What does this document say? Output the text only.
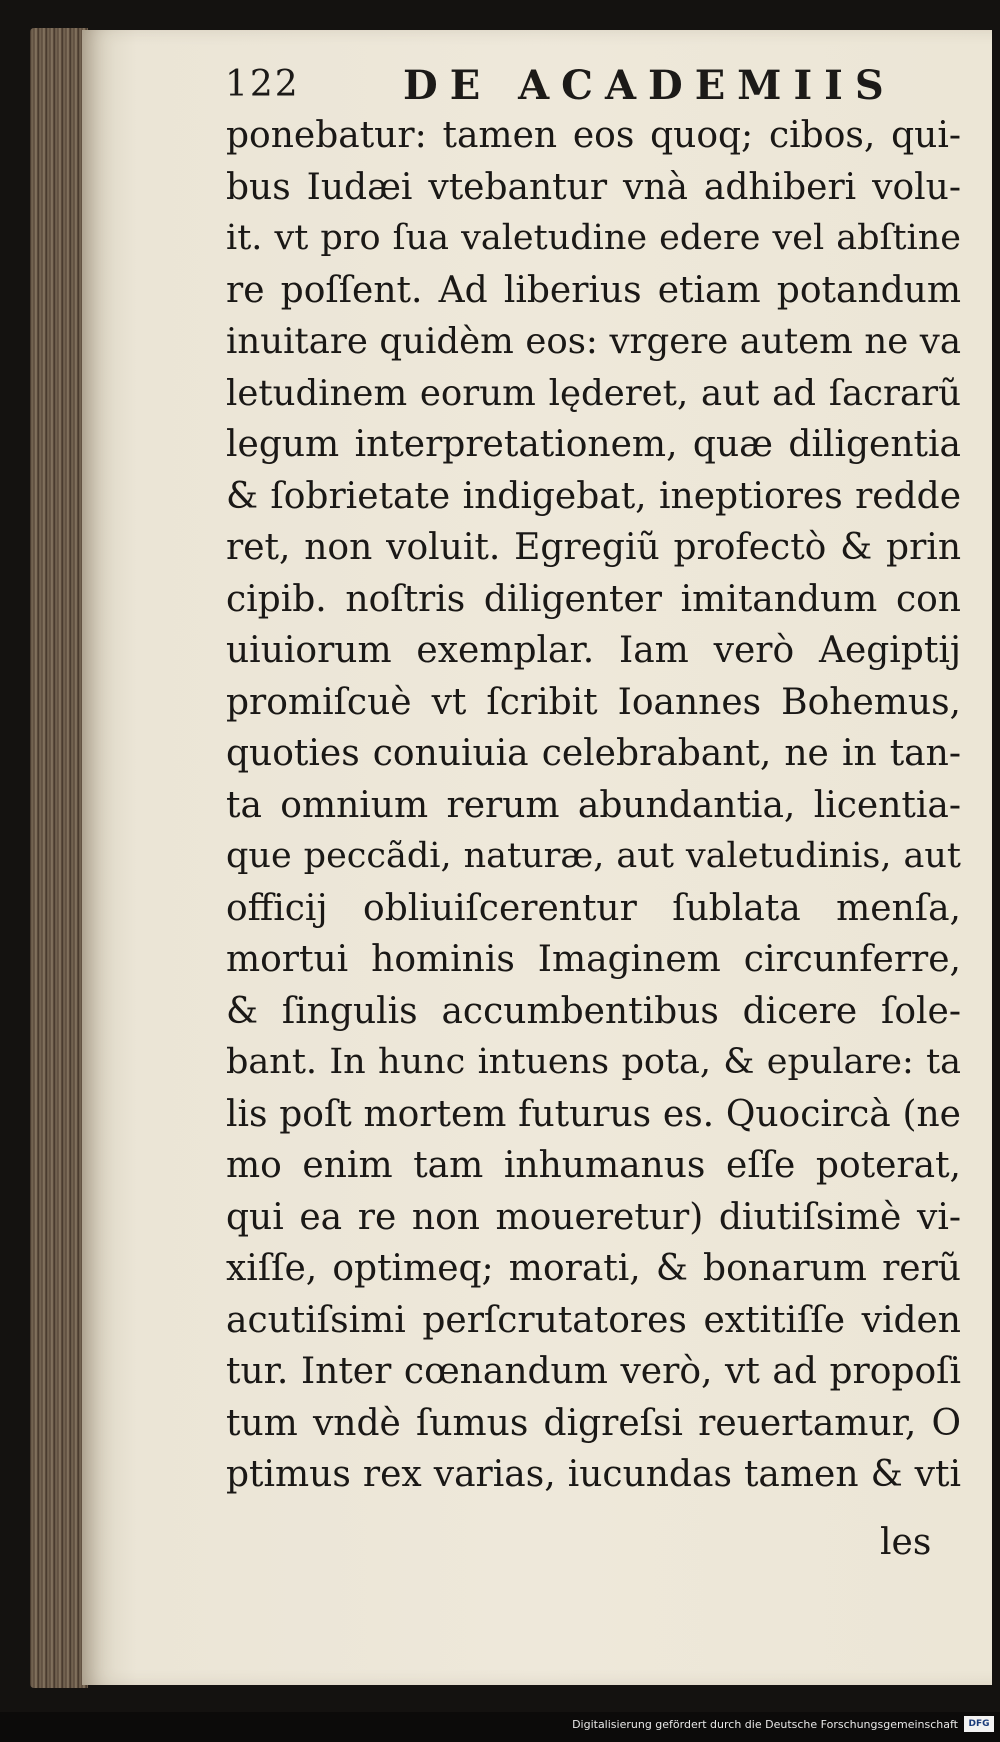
122	DE ACADEMIIS
ponebatur: tamen eos quoq; cibos, qui-
bus Iudæi vtebantur vnà adhiberi volu-
it. vt pro ſua valetudine edere vel abſtine
re poſſent. Ad liberius etiam potandum
inuitare quidèm eos: vrgere autem ne va
letudinem eorum lęderet, aut ad ſacrarũ
legum interpretationem, quæ diligentia
& ſobrietate indigebat, ineptiores redde
ret, non voluit. Egregiũ profectò & prin
cipib. noſtris diligenter imitandum con
uiuiorum exemplar. Iam verò Aegiptij
promiſcuè vt ſcribit Ioannes Bohemus,
quoties conuiuia celebrabant, ne in tan-
ta omnium rerum abundantia, licentia-
que peccãdi, naturæ, aut valetudinis, aut
officij obliuiſcerentur ſublata menſa,
mortui hominis Imaginem circunferre,
& ſingulis accumbentibus dicere ſole-
bant. In hunc intuens pota, & epulare: ta
lis poſt mortem futurus es. Quocircà (ne
mo enim tam inhumanus eſſe poterat,
qui ea re non moueretur) diutiſsimè vi-
xiſſe, optimeq; morati, & bonarum rerũ
acutiſsimi perſcrutatores extitiſſe viden
tur. Inter cœnandum verò, vt ad propoſi
tum vndè ſumus digreſsi reuertamur, O
ptimus rex varias, iucundas tamen & vti
les
Digitalisierung gefördert durch die Deutsche Forschungsgemeinschaft	DFG
